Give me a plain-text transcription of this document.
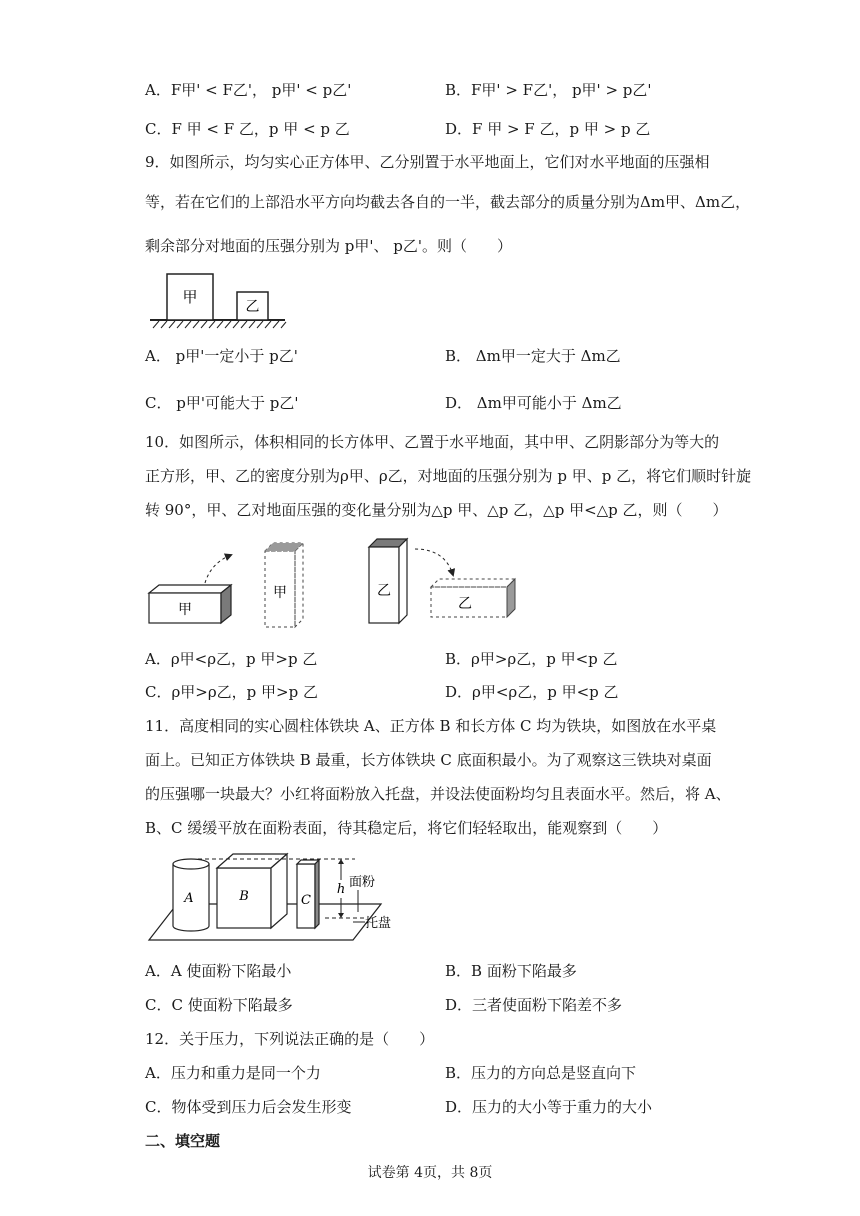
A．F甲' < F乙'， p甲' < p乙'	B．F甲' > F乙'， p甲' > p乙'
C．F 甲 < F 乙，p 甲 < p 乙	D．F 甲 > F 乙，p 甲 > p 乙
9．如图所示，均匀实心正方体甲、乙分别置于水平地面上，它们对水平地面的压强相
等，若在它们的上部沿水平方向均截去各自的一半，截去部分的质量分别为Δm甲、Δm乙，
剩余部分对地面的压强分别为 p甲'、 p乙'。则（　　）
甲
乙
A． p甲'一定小于 p乙'	B． Δm甲一定大于 Δm乙
C． p甲'可能大于 p乙'	D． Δm甲可能小于 Δm乙
10．如图所示，体积相同的长方体甲、乙置于水平地面，其中甲、乙阴影部分为等大的
正方形，甲、乙的密度分别为ρ甲、ρ乙，对地面的压强分别为 p 甲、p 乙，将它们顺时针旋
转 90°，甲、乙对地面压强的变化量分别为△p 甲、△p 乙，△p 甲<△p 乙，则（　　）
甲
甲	乙
乙
A．ρ甲<ρ乙，p 甲>p 乙	B．ρ甲>ρ乙，p 甲<p 乙
C．ρ甲>ρ乙，p 甲>p 乙	D．ρ甲<ρ乙，p 甲<p 乙
11．高度相同的实心圆柱体铁块 A、正方体 B 和长方体 C 均为铁块，如图放在水平桌
面上。已知正方体铁块 B 最重，长方体铁块 C 底面积最小。为了观察这三铁块对桌面
的压强哪一块最大？小红将面粉放入托盘，并设法使面粉均匀且表面水平。然后，将 A、
B、C 缓缓平放在面粉表面，待其稳定后，将它们轻轻取出，能观察到（　　）
A	B	C
h 面粉
托盘
A．A 使面粉下陷最小	B．B 面粉下陷最多
C．C 使面粉下陷最多	D．三者使面粉下陷差不多
12．关于压力，下列说法正确的是（　　）
A．压力和重力是同一个力	B．压力的方向总是竖直向下
C．物体受到压力后会发生形变	D．压力的大小等于重力的大小
二、填空题
试卷第 4页，共 8页
